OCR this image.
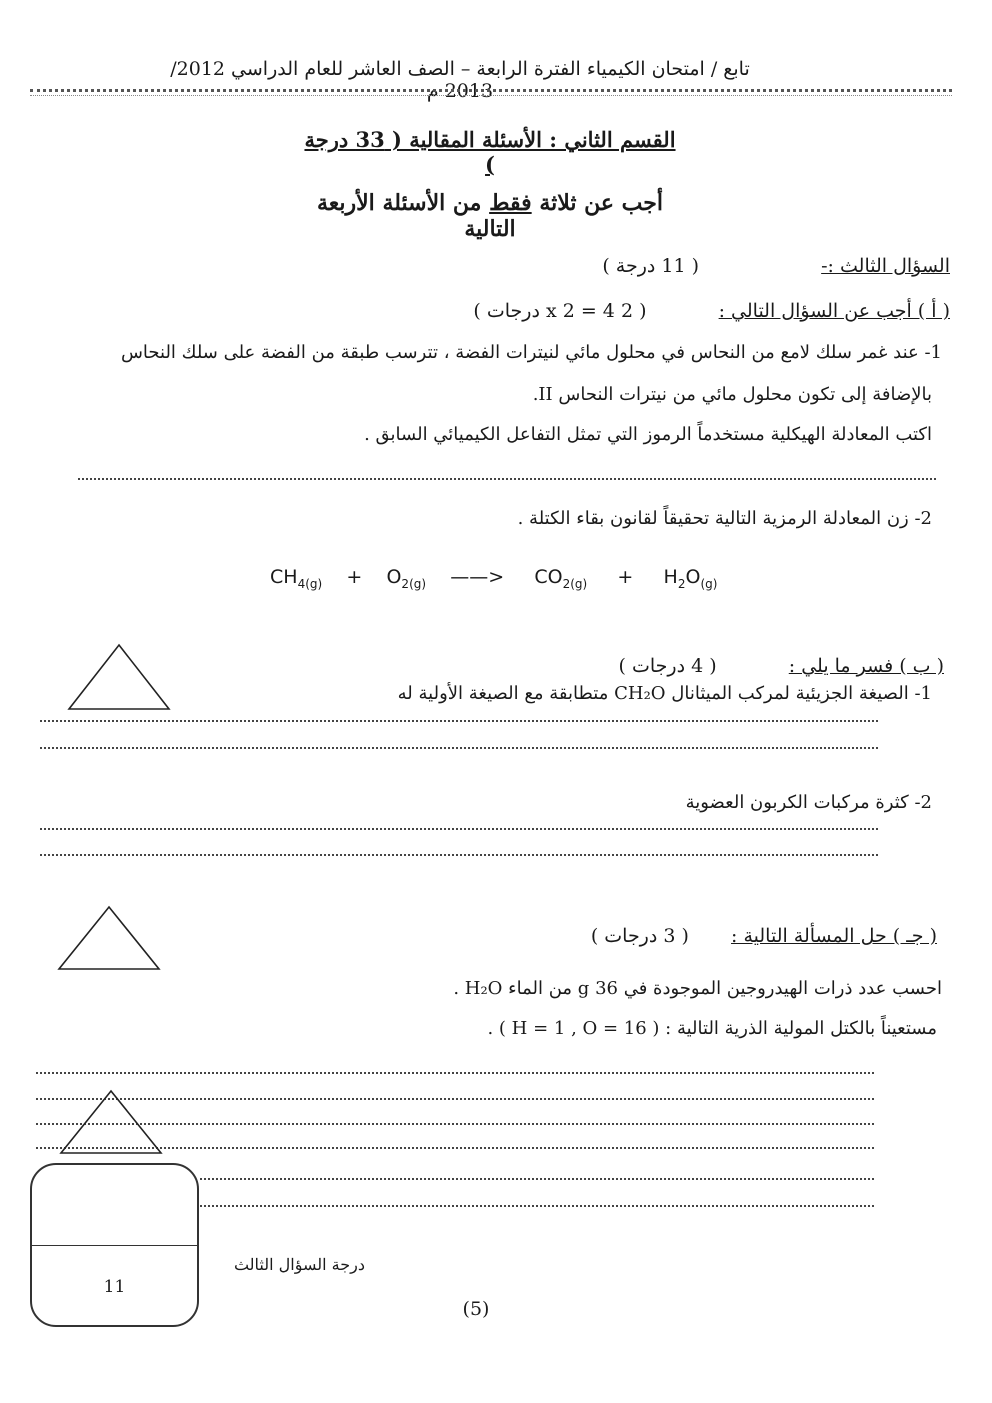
تابع / امتحان الكيمياء الفترة الرابعة – الصف العاشر للعام الدراسي 2012/ 2013 م
القسم الثاني : الأسئلة المقالية ( 33 درجة )
أجب عن ثلاثة فقط من الأسئلة الأربعة التالية
السؤال الثالث :-  ( 11 درجة )
( أ ) أجب عن السؤال التالي :  ( 2 x 2 = 4 درجات )
1- عند غمر سلك لامع من النحاس في محلول مائي لنيترات الفضة ، تترسب طبقة من الفضة على سلك النحاس
بالإضافة إلى تكون محلول مائي من نيترات النحاس II.
اكتب المعادلة الهيكلية مستخدماً الرموز التي تمثل التفاعل الكيميائي السابق .
2- زن المعادلة الرمزية التالية تحقيقاً لقانون بقاء الكتلة .
$CH_{4(g)} + O_{2(g)}$ ——> $CO_{2(g)} + H_2O_{(g)}$
( ب ) فسر ما يلي :  ( 4 درجات )
1- الصيغة الجزيئية لمركب الميثانال CH₂O متطابقة مع الصيغة الأولية له
2- كثرة مركبات الكربون العضوية
( جـ ) حل المسألة التالية :  ( 3 درجات )
احسب عدد ذرات الهيدروجين الموجودة في 36 g من الماء H₂O .
مستعيناً بالكتل المولية الذرية التالية : ( H = 1 , O = 16 ) .
11
درجة السؤال الثالث
(5)
